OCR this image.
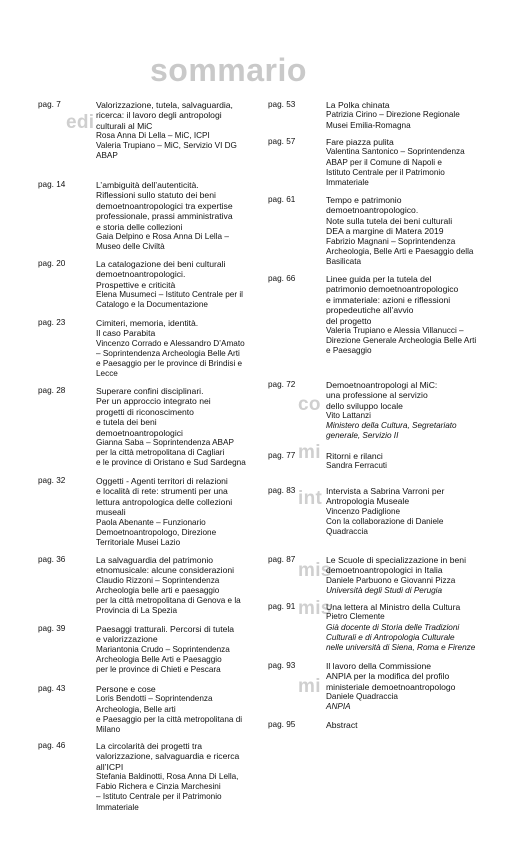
sommario
edi
co
mi
int
mis
mis
mi
pag. 7	Valorizzazione, tutela, salvaguardia,
ricerca: il lavoro degli antropologi
culturali al MiC
Rosa Anna Di Lella – MiC, ICPI
Valeria Trupiano – MiC, Servizio VI DG
ABAP
pag. 14	L’ambiguità dell’autenticità.
Riflessioni sullo statuto dei beni
demoetnoantropologici tra expertise
professionale, prassi amministrativa
e storia delle collezioni
Gaia Delpino e Rosa Anna Di Lella –
Museo delle Civiltà
pag. 20	La catalogazione dei beni culturali
demoetnoantropologici.
Prospettive e criticità
Elena Musumeci – Istituto Centrale per il
Catalogo e la Documentazione
pag. 23	Cimiteri, memoria, identità.
Il caso Parabita
Vincenzo Corrado e Alessandro D’Amato
– Soprintendenza Archeologia Belle Arti
e Paesaggio per le province di Brindisi e
Lecce
pag. 28	Superare confini disciplinari.
Per un approccio integrato nei
progetti di riconoscimento
e tutela dei beni
demoetnoantropologici
Gianna Saba – Soprintendenza ABAP
per la città metropolitana di Cagliari
e le province di Oristano e Sud Sardegna
pag. 32	Oggetti - Agenti territori di relazioni
e località di rete: strumenti per una
lettura antropologica delle collezioni
museali
Paola Abenante – Funzionario
Demoetnoantropologo, Direzione
Territoriale Musei Lazio
pag. 36	La salvaguardia del patrimonio
etnomusicale: alcune considerazioni
Claudio Rizzoni – Soprintendenza
Archeologia belle arti e paesaggio
per la città metropolitana di Genova e la
Provincia di La Spezia
pag. 39	Paesaggi tratturali. Percorsi di tutela
e valorizzazione
Mariantonia Crudo – Soprintendenza
Archeologia Belle Arti e Paesaggio
per le province di Chieti e Pescara
pag. 43	Persone e cose
Loris Bendotti – Soprintendenza
Archeologia, Belle arti
e Paesaggio per la città metropolitana di
Milano
pag. 46	La circolarità dei progetti tra
valorizzazione, salvaguardia e ricerca
all’ICPI
Stefania Baldinotti, Rosa Anna Di Lella,
Fabio Richera e Cinzia Marchesini
– Istituto Centrale per il Patrimonio
Immateriale
pag. 53	La Polka chinata
Patrizia Cirino – Direzione Regionale
Musei Emilia-Romagna
pag. 57	Fare piazza pulita
Valentina Santonico – Soprintendenza
ABAP per il Comune di Napoli e
Istituto Centrale per il Patrimonio
Immateriale
pag. 61	Tempo e patrimonio
demoetnoantropologico.
Note sulla tutela dei beni culturali
DEA a margine di Matera 2019
Fabrizio Magnani – Soprintendenza
Archeologia, Belle Arti e Paesaggio della
Basilicata
pag. 66	Linee guida per la tutela del
patrimonio demoetnoantropologico
e immateriale: azioni e riflessioni
propedeutiche all’avvio
del progetto
Valeria Trupiano e Alessia Villanucci –
Direzione Generale Archeologia Belle Arti
e Paesaggio
pag. 72	Demoetnoantropologi al MiC:
una professione al servizio
dello sviluppo locale
Vito Lattanzi
Ministero della Cultura, Segretariato
generale, Servizio II
pag. 77	Ritorni e rilanci
Sandra Ferracuti
pag. 83	Intervista a Sabrina Varroni per
Antropologia Museale
Vincenzo Padiglione
Con la collaborazione di Daniele
Quadraccia
pag. 87	Le Scuole di specializzazione in beni
demoetnoantropologici in Italia
Daniele Parbuono e Giovanni Pizza
Università degli Studi di Perugia
pag. 91	Una lettera al Ministro della Cultura
Pietro Clemente
Già docente di Storia delle Tradizioni
Culturali e di Antropologia Culturale
nelle università di Siena, Roma e Firenze
pag. 93	Il lavoro della Commissione
ANPIA per la modifica del profilo
ministeriale demoetnoantropologo
Daniele Quadraccia
ANPIA
pag. 95	Abstract
